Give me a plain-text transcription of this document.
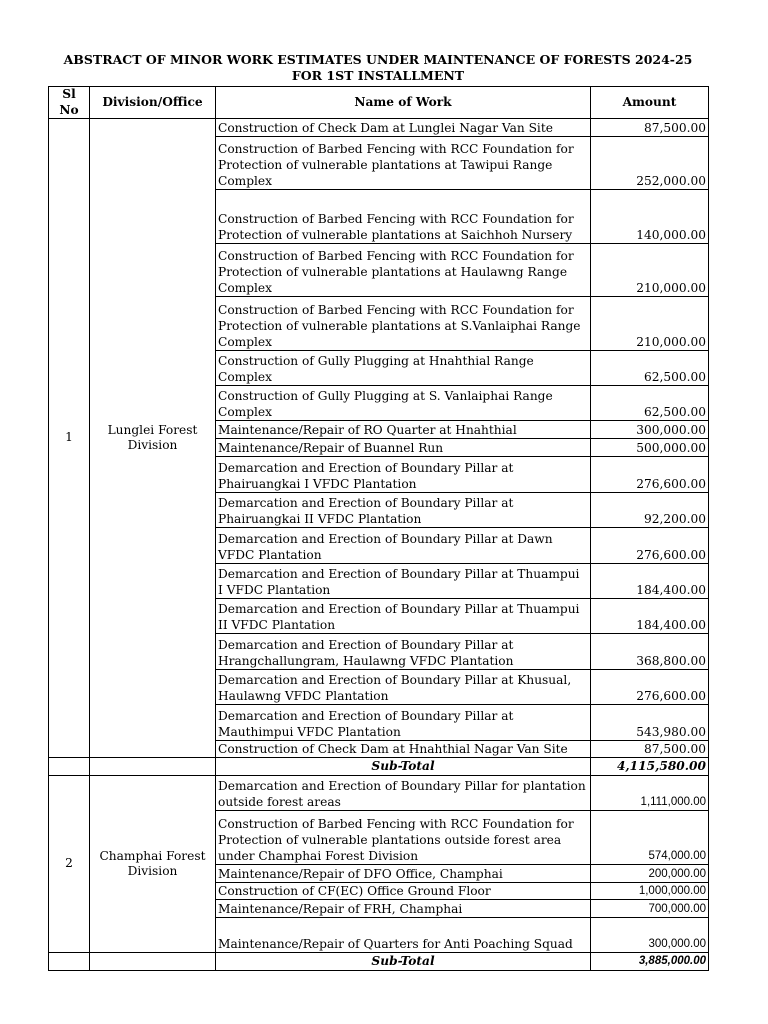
ABSTRACT OF MINOR WORK ESTIMATES UNDER MAINTENANCE OF FORESTS 2024-25 FOR 1ST INSTALLMENT
Sl No	Division/Office	Name of Work	Amount
1	Lunglei Forest Division	Construction of Check Dam at Lunglei Nagar Van Site	87,500.00
		Construction of Barbed Fencing with RCC Foundation for Protection of vulnerable plantations at Tawipui Range Complex	252,000.00
		Construction of Barbed Fencing with RCC Foundation for Protection of vulnerable plantations at Saichhoh Nursery	140,000.00
		Construction of Barbed Fencing with RCC Foundation for Protection of vulnerable plantations at Haulawng Range Complex	210,000.00
		Construction of Barbed Fencing with RCC Foundation for Protection of vulnerable plantations at S.Vanlaiphai Range Complex	210,000.00
		Construction of Gully Plugging at Hnahthial Range Complex	62,500.00
		Construction of Gully Plugging at S. Vanlaiphai Range Complex	62,500.00
		Maintenance/Repair of RO Quarter at Hnahthial	300,000.00
		Maintenance/Repair of Buannel Run	500,000.00
		Demarcation and Erection of Boundary Pillar at Phairuangkai I VFDC Plantation	276,600.00
		Demarcation and Erection of Boundary Pillar at Phairuangkai II VFDC Plantation	92,200.00
		Demarcation and Erection of Boundary Pillar at Dawn VFDC Plantation	276,600.00
		Demarcation and Erection of Boundary Pillar at Thuampui I VFDC Plantation	184,400.00
		Demarcation and Erection of Boundary Pillar at Thuampui II VFDC Plantation	184,400.00
		Demarcation and Erection of Boundary Pillar at Hrangchallungram, Haulawng VFDC Plantation	368,800.00
		Demarcation and Erection of Boundary Pillar at Khusual, Haulawng VFDC Plantation	276,600.00
		Demarcation and Erection of Boundary Pillar at Mauthimpui VFDC Plantation	543,980.00
		Construction of Check Dam at Hnahthial Nagar Van Site	87,500.00
		Sub-Total	4,115,580.00
2	Champhai Forest Division	Demarcation and Erection of Boundary Pillar for plantation outside forest areas	1,111,000.00
		Construction of Barbed Fencing with RCC Foundation for Protection of vulnerable plantations outside forest area under Champhai Forest Division	574,000.00
		Maintenance/Repair of DFO Office, Champhai	200,000.00
		Construction of CF(EC) Office Ground Floor	1,000,000.00
		Maintenance/Repair of FRH, Champhai	700,000.00
		Maintenance/Repair of Quarters for Anti Poaching Squad	300,000.00
		Sub-Total	3,885,000.00
